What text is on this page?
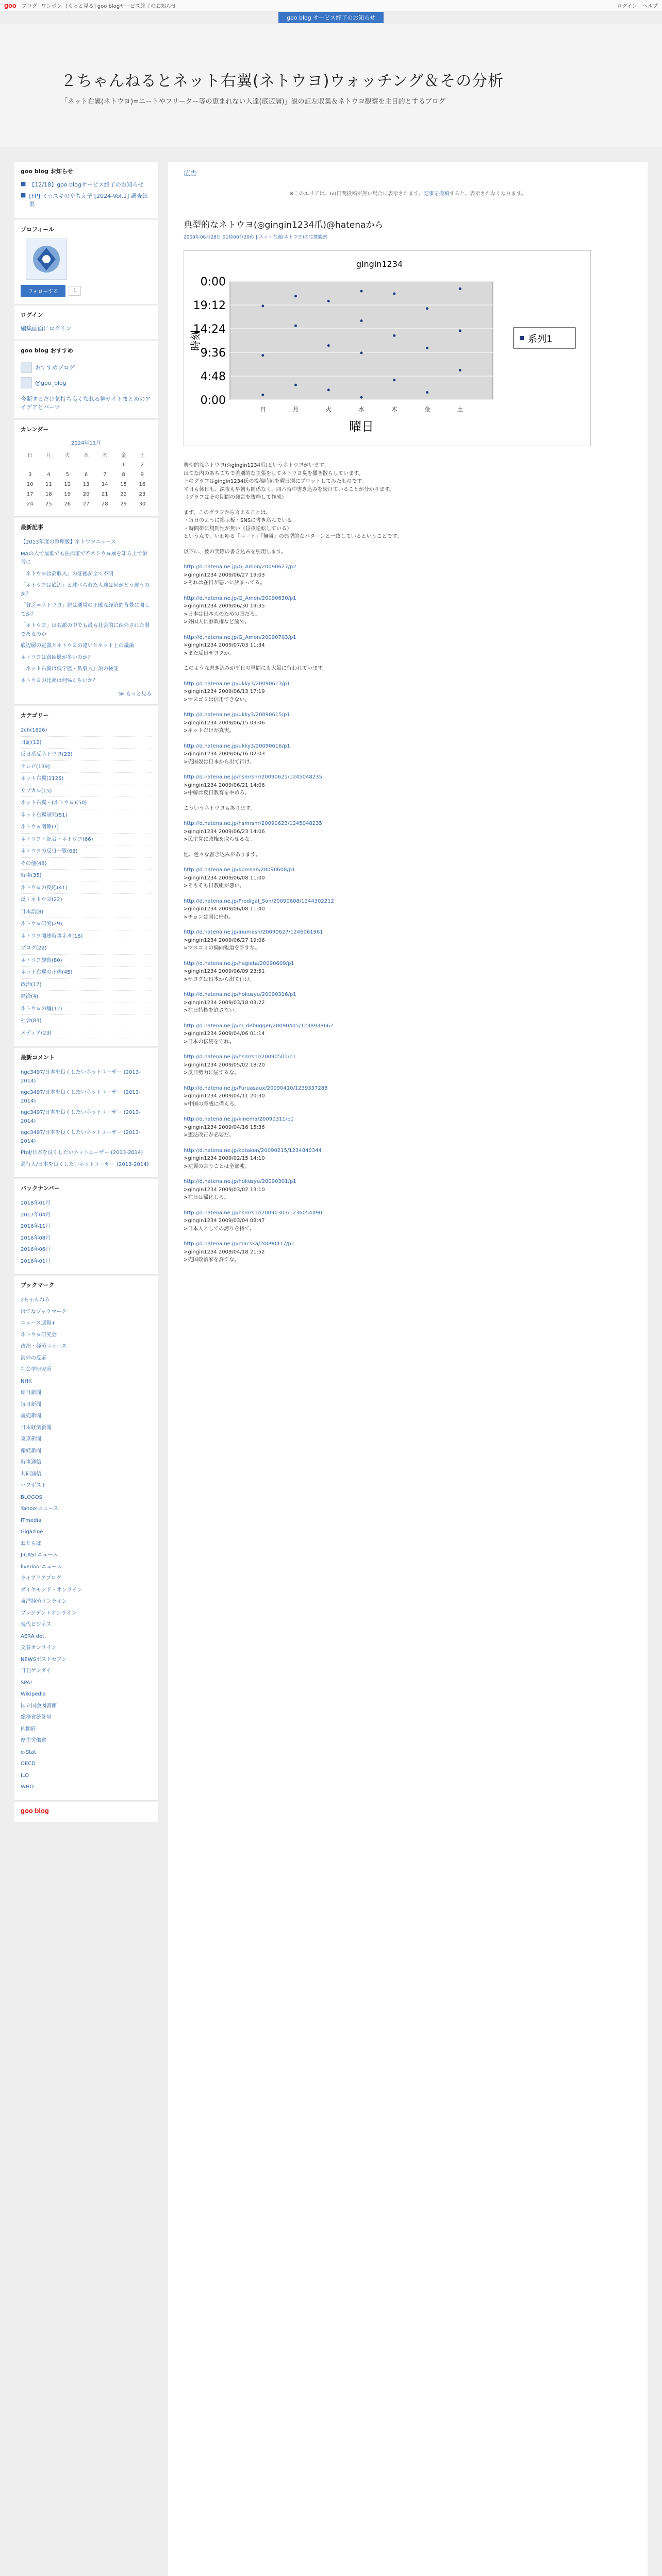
goo ブログ ワンポン [もっと見る] goo blogサービス終了のお知らせ	ログイン ヘルプ
goo blog サービス終了のお知らせ
２ちゃんねるとネット右翼(ネトウヨ)ウォッチング＆その分析
「ネット右翼(ネトウヨ)=ニートやフリーター等の恵まれない人達(底辺層)」説の証左収集＆ネトウヨ観察を主目的とするブログ
goo blog お知らせ
■ 【12/18】goo blogサービス終了のお知らせ
■ [FP] ミ☆スキのやちえ子 [2024-Vol.1] 調査結果
プロフィール
フォローする	1
ログイン
編集画面にログイン
goo blog おすすめ
おすすめブログ
@goo_blog
今期するだけ気持ち良くなれる神サイトまとめのアイデアとパーツ
カレンダー
2024年11月
日	月	火	水	木	金	土
					1	2
3	4	5	6	7	8	9
10	11	12	13	14	15	16
17	18	19	20	21	22	23
24	25	26	27	28	29	30
最新記事
【2013年度の整理版】ネトウヨニュース
MAの人で最低でも法律家で不ネトウヨ層を知る上で参考に
「ネトウヨは高収入」の証拠が全く不明
「ネトウヨは底辺」と述べられた人達は何がどう違うのか？
「貧乏＝ネトウヨ」説は通常の正確な経済的背景に関してか？
「ネトウヨ」は右派の中でも最も社会的に疎外された層であるのか
底辺層の定義とネトウヨの違いとネット上の議論
ネトウヨは貧困層が多いのか？
「ネット右翼は低学歴・低収入」説の検証
ネトウヨの比率は何%くらいか？
≫ もっと見る
カテゴリー
2ch(1826)
日記(12)
反日系反ネトウヨ(23)
テレビ(139)
ネット右翼(1125)
サブカル(15)
ネット右翼・(ネトウヨ)(50)
ネット右翼研究(51)
ネトウヨ関係(7)
ネトウヨ・記者・ネトウヨ(66)
ネトウヨの反日一覧(63)
その他(48)
時事(35)
ネトウヨの反応(41)
反・ネトウヨ(22)
日本語(8)
ネトウヨ研究(29)
ネトウヨ関連時事ネタ(16)
ブログ(22)
ネトウヨ観察(80)
ネット右翼の正体(45)
政治(17)
経済(4)
ネトウヨの嘘(12)
社会(83)
メディア(23)
最新コメント
ngc3497/日本を良くしたいネットユーザー (2013-2014)
ngc3497/日本を良くしたいネットユーザー (2013-2014)
ngc3497/日本を良くしたいネットユーザー (2013-2014)
ngc3497/日本を良くしたいネットユーザー (2013-2014)
Ptol/日本を良くしたいネットユーザー (2013-2014)
通行人/日本を良くしたいネットユーザー (2013-2014)
バックナンバー
2018年01月
2017年04月
2016年11月
2016年08月
2016年06月
2016年01月
ブックマーク
2ちゃんねる
はてなブックマーク
ニュース速報+
ネトウヨ研究会
政治・経済ニュース
海外の反応
社会学研究所
NHK
朝日新聞
毎日新聞
読売新聞
日本経済新聞
東京新聞
産経新聞
時事通信
共同通信
ハフポスト
BLOGOS
Yahoo!ニュース
ITmedia
Gigazine
ねとらぼ
J-CASTニュース
livedoorニュース
ライブドアブログ
ダイヤモンド・オンライン
東洋経済オンライン
プレジデントオンライン
現代ビジネス
AERA dot.
文春オンライン
NEWSポストセブン
日刊ゲンダイ
SPA!
Wikipedia
国立国会図書館
総務省統計局
内閣府
厚生労働省
e-Stat
OECD
ILO
WHO
goo blog
広告
※このエリアは、60日間投稿が無い場合に表示されます。記事を投稿すると、表示されなくなります。
典型的なネトウヨ(◎gingin1234爪)@hatenaから
2009年06月28日 01時00分20秒 | ネット右翼(ネトウヨ)の生態観察
gingin1234
0:00
4:48
9:36
14:24
19:12
0:00
日	月	火	水	木	金	土
曜日
時刻	系列1

典型的なネトウヨ(◎gingin1234爪)というネトウヨがいます。

はてな内のあちこちで差別的な主張をしてネトウヨ臭を撒き散らしています。

上のグラフはgingin1234氏の投稿時刻を曜日別にプロットしてみたものです。

平日も休日も、深夜も早朝も関係なく、四六時中書き込みを続けていることが分かります。

（グラフはその期間の発言を抜粋して作成）

まず、このグラフから言えることは、

・毎日のように掲示板・SNSに書き込んでいる

・時間帯に規則性が無い（昼夜逆転している）

という点で、いわゆる「ニート」「無職」の典型的なパターンと一致しているということです。

以下に、彼の実際の書き込みを引用します。

http://d.hatena.ne.jp/G_Amon/20090627/p2

>gingin1234 2009/06/27 19:03

>それは在日が悪いに決まってる。

http://d.hatena.ne.jp/G_Amon/20090630/p1

>gingin1234 2009/06/30 19:35

>日本は日本人のための国だろ。

>外国人に参政権など論外。

http://d.hatena.ne.jp/G_Amon/20090703/p1

>gingin1234 2009/07/03 11:34

>また反日サヨクか。

このような書き込みが平日の昼間にも大量に行われています。

http://d.hatena.ne.jp/ukky3/20090613/p1

>gingin1234 2009/06/13 17:19

>マスゴミは信用できない。

http://d.hatena.ne.jp/ukky3/20090615/p1

>gingin1234 2009/06/15 03:06

>ネットだけが真実。

http://d.hatena.ne.jp/ukky3/20090616/p1

>gingin1234 2009/06/16 02:03

>売国奴は日本から出て行け。

http://d.hatena.ne.jp/hsmrsnr/20090621/1245048235

>gingin1234 2009/06/21 14:06

>中韓は反日教育をやめろ。

こういうネトウヨもあります。

http://d.hatena.ne.jp/hsmrsnr/20090623/1245048235

>gingin1234 2009/06/23 14:06

>民主党に政権を取らせるな。

他、色々な書き込みがあります。

http://d.hatena.ne.jp/kpmsan/20090608/p1

>gingin1234 2009/06/08 11:00

>そもそも日教組が悪い。

http://d.hatena.ne.jp/Prodigal_Son/20090608/1244302212

>gingin1234 2009/06/08 11:40

>チョンは国に帰れ。

http://d.hatena.ne.jp/inumash/20090627/1246061961

>gingin1234 2009/06/27 19:06

>マスコミの偏向報道を許すな。

http://d.hatena.ne.jp/hagieta/20090609/p1

>gingin1234 2009/06/09 23:51

>サヨクは日本から出て行け。

http://d.hatena.ne.jp/hokusyu/20090316/p1

>gingin1234 2009/03/18 03:22

>在日特権を許さない。

http://d.hatena.ne.jp/m_debugger/20090405/1238938667

>gingin1234 2009/04/06 01:14

>日本の伝統を守れ。

http://d.hatena.ne.jp/hsmrsnr/20090501/p1

>gingin1234 2009/05/02 18:20

>反日勢力に屈するな。

http://d.hatena.ne.jp/Furuasaux/20090410/1239337288

>gingin1234 2009/04/11 20:30

>中国の脅威に備えろ。

http://d.hatena.ne.jp/kinema/20090311/p1

>gingin1234 2009/04/16 15:36

>憲法改正が必要だ。

http://d.hatena.ne.jp/kptaken/20090215/1234840344

>gingin1234 2009/02/15 14:10

>左翼の言うことは全部嘘。

http://d.hatena.ne.jp/hokusyu/20090301/p1

>gingin1234 2009/03/02 13:10

>在日は帰化しろ。

http://d.hatena.ne.jp/hsmrsnr/20090303/1236054490

>gingin1234 2009/03/04 08:47

>日本人としての誇りを持て。

http://d.hatena.ne.jp/macska/20090417/p1

>gingin1234 2009/04/18 21:52

>売国政治家を許すな。
